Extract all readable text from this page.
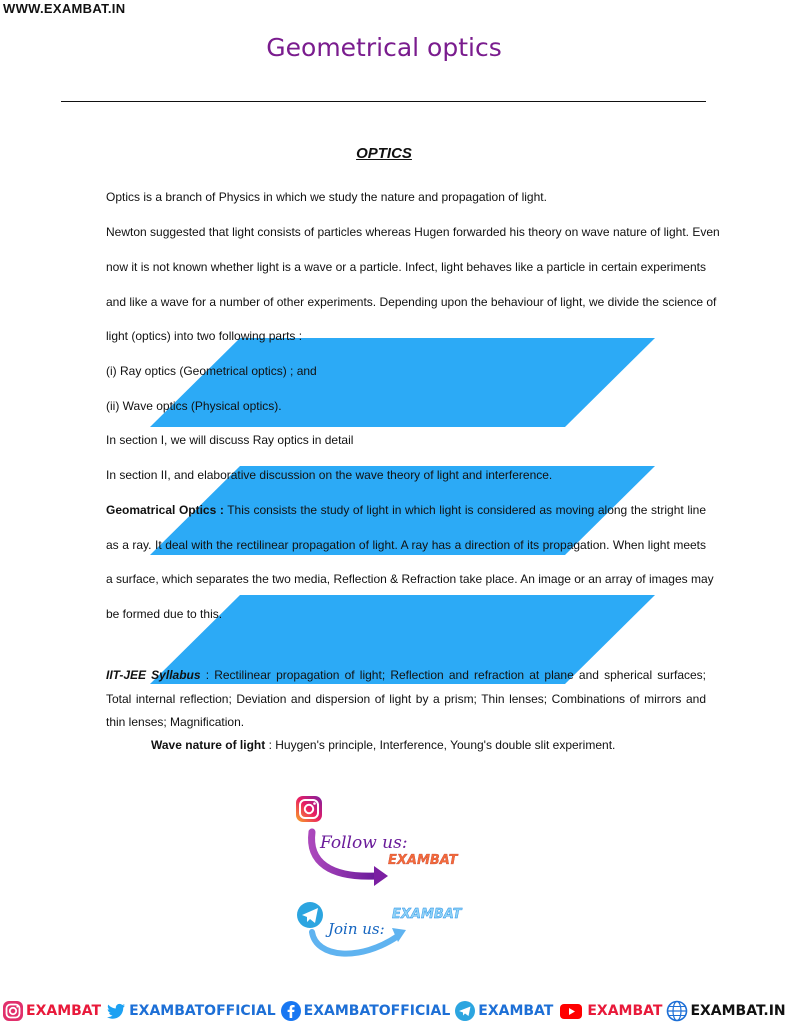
WWW.EXAMBAT.IN
Geometrical optics
OPTICS
Optics is a branch of Physics in which we study the nature and propagation of light.
Newton suggested that light consists of particles whereas Hugen forwarded his theory on wave nature of light. Even
now it is not known whether light is a wave or a particle. Infect, light behaves like a particle in certain experiments
and like a wave for a number of other experiments. Depending upon the behaviour of light, we divide the science of
light (optics) into two following parts :
(i) Ray optics (Geometrical optics) ; and
(ii) Wave optics (Physical optics).
In section I, we will discuss Ray optics in detail
In section II, and elaborative discussion on the wave theory of light and interference.
Geomatrical Optics : This consists the study of light in which light is considered as moving along the stright line
as a ray. It deal with the rectilinear propagation of light. A ray has a direction of its propagation. When light meets
a surface, which separates the two media, Reflection & Refraction take place. An image or an array of images may
be formed due to this.
IIT-JEE Syllabus : Rectilinear propagation of light; Reflection and refraction at plane and spherical surfaces;
Total internal reflection; Deviation and dispersion of light by a prism; Thin lenses; Combinations of mirrors and
thin lenses; Magnification.
Wave nature of light : Huygen's principle, Interference, Young's double slit experiment.
Follow us:
EXAMBAT
Join us:
EXAMBAT
EXAMBAT EXAMBATOFFICIAL EXAMBATOFFICIAL EXAMBAT EXAMBAT EXAMBAT.IN
